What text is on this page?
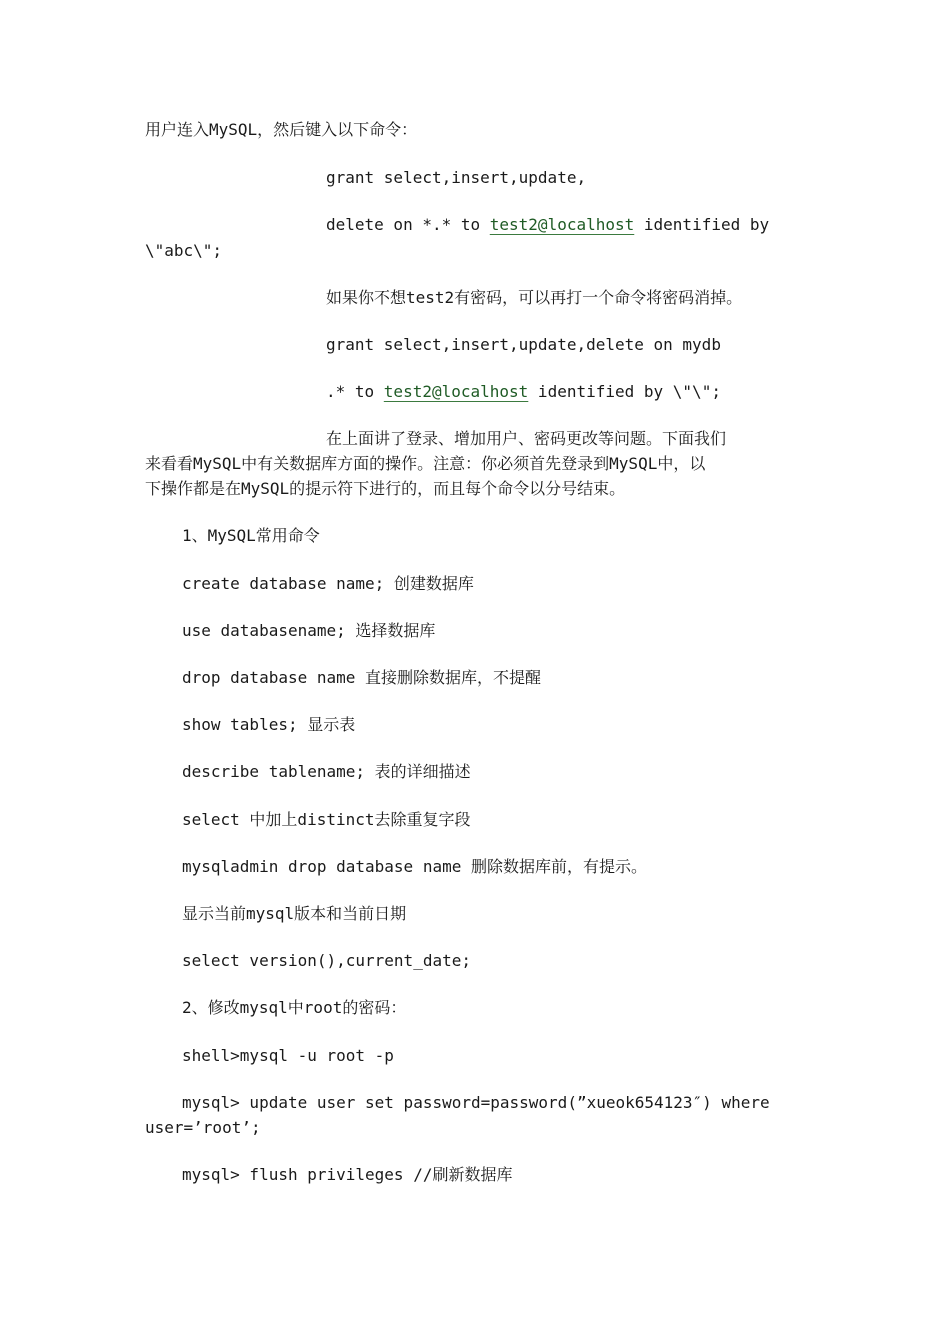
用户连入MySQL，然后键入以下命令：
grant select,insert,update,
delete on *.* to test2@localhost identified by
\"abc\";
如果你不想test2有密码，可以再打一个命令将密码消掉。
grant select,insert,update,delete on mydb
.* to test2@localhost identified by \"\";
在上面讲了登录、增加用户、密码更改等问题。下面我们
来看看MySQL中有关数据库方面的操作。注意：你必须首先登录到MySQL中，以
下操作都是在MySQL的提示符下进行的，而且每个命令以分号结束。
1、MySQL常用命令
create database name; 创建数据库
use databasename; 选择数据库
drop database name 直接删除数据库，不提醒
show tables; 显示表
describe tablename; 表的详细描述
select 中加上distinct去除重复字段
mysqladmin drop database name 删除数据库前，有提示。
显示当前mysql版本和当前日期
select version(),current_date;
2、修改mysql中root的密码：
shell>mysql -u root -p
mysql> update user set password=password(”xueok654123″) where
user=’root’;
mysql> flush privileges //刷新数据库
